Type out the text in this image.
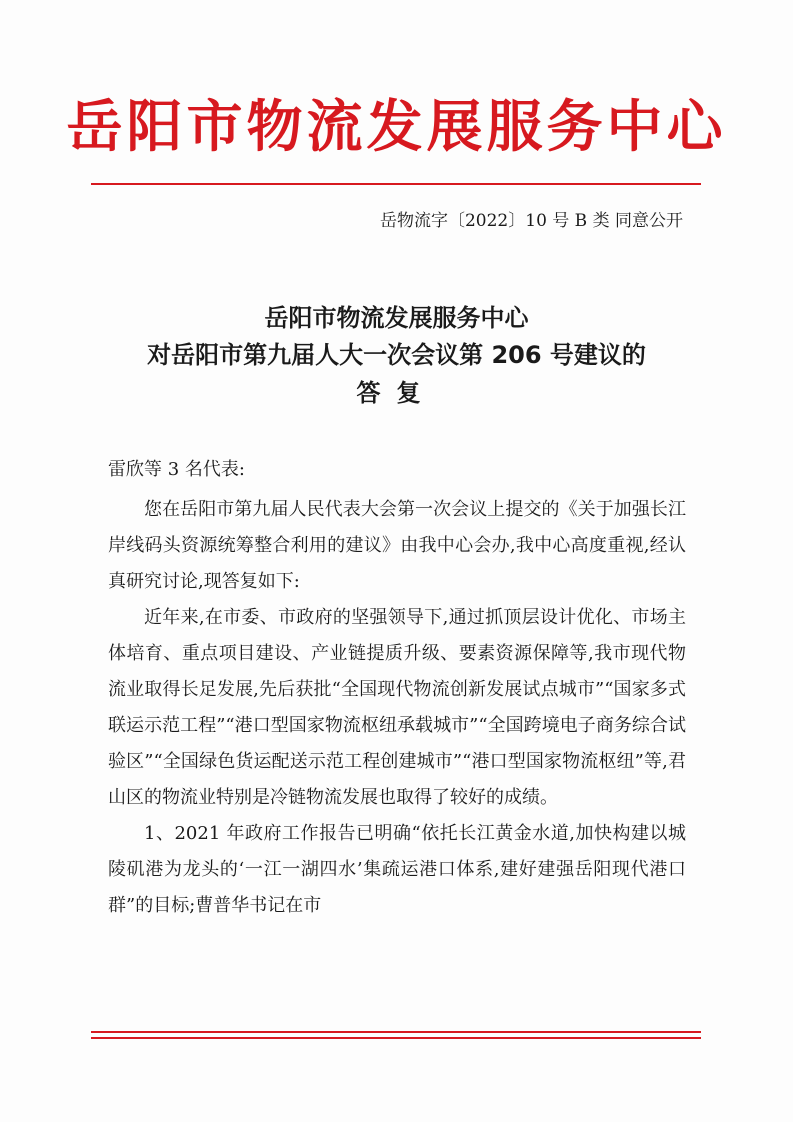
岳阳市物流发展服务中心
岳物流字〔2022〕10 号 B 类 同意公开
岳阳市物流发展服务中心
对岳阳市第九届人大一次会议第 206 号建议的
答复
雷欣等 3 名代表:

您在岳阳市第九届人民代表大会第一次会议上提交的《关于加强长江岸线码头资源统筹整合利用的建议》由我中心会办,我中心高度重视,经认真研究讨论,现答复如下:

近年来,在市委、市政府的坚强领导下,通过抓顶层设计优化、市场主体培育、重点项目建设、产业链提质升级、要素资源保障等,我市现代物流业取得长足发展,先后获批“全国现代物流创新发展试点城市”“国家多式联运示范工程”“港口型国家物流枢纽承载城市”“全国跨境电子商务综合试验区”“全国绿色货运配送示范工程创建城市”“港口型国家物流枢纽”等,君山区的物流业特别是冷链物流发展也取得了较好的成绩。

1、2021 年政府工作报告已明确“依托长江黄金水道,加快构建以城陵矶港为龙头的‘一江一湖四水’集疏运港口体系,建好建强岳阳现代港口群”的目标;曹普华书记在市
